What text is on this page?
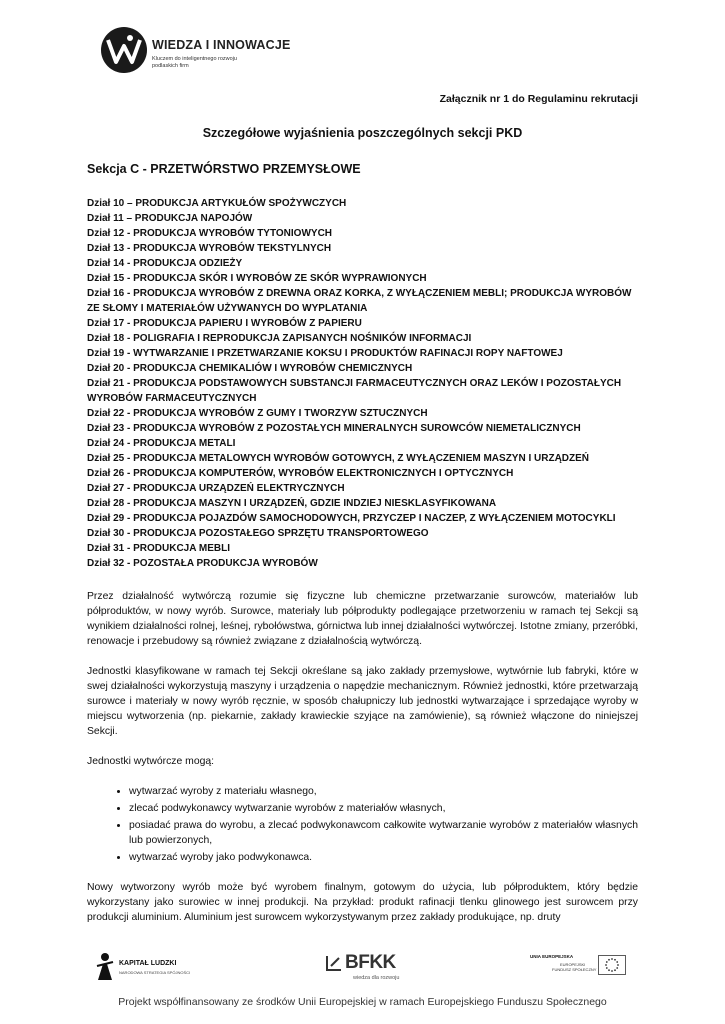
WIEDZA I INNOWACJE
Kluczem do inteligentnego rozwoju podlaskich firm
Załącznik nr 1 do Regulaminu rekrutacji
Szczegółowe wyjaśnienia poszczególnych sekcji PKD
Sekcja C - PRZETWÓRSTWO PRZEMYSŁOWE
Dział 10 – PRODUKCJA ARTYKUŁÓW SPOŻYWCZYCH
Dział 11 – PRODUKCJA NAPOJÓW
Dział 12 - PRODUKCJA WYROBÓW TYTONIOWYCH
Dział 13 - PRODUKCJA WYROBÓW TEKSTYLNYCH
Dział 14 - PRODUKCJA ODZIEŻY
Dział 15 - PRODUKCJA SKÓR I WYROBÓW ZE SKÓR WYPRAWIONYCH
Dział 16 - PRODUKCJA WYROBÓW Z DREWNA ORAZ KORKA, Z WYŁĄCZENIEM MEBLI; PRODUKCJA WYROBÓW ZE SŁOMY I MATERIAŁÓW UŻYWANYCH DO WYPLATANIA
Dział 17 - PRODUKCJA PAPIERU I WYROBÓW Z PAPIERU
Dział 18 - POLIGRAFIA I REPRODUKCJA ZAPISANYCH NOŚNIKÓW INFORMACJI
Dział 19 - WYTWARZANIE I PRZETWARZANIE KOKSU I PRODUKTÓW RAFINACJI ROPY NAFTOWEJ
Dział 20 - PRODUKCJA CHEMIKALIÓW I WYROBÓW CHEMICZNYCH
Dział 21 - PRODUKCJA PODSTAWOWYCH SUBSTANCJI FARMACEUTYCZNYCH ORAZ LEKÓW I POZOSTAŁYCH WYROBÓW FARMACEUTYCZNYCH
Dział 22 - PRODUKCJA WYROBÓW Z GUMY I TWORZYW SZTUCZNYCH
Dział 23 - PRODUKCJA WYROBÓW Z POZOSTAŁYCH MINERALNYCH SUROWCÓW NIEMETALICZNYCH
Dział 24 - PRODUKCJA METALI
Dział 25 - PRODUKCJA METALOWYCH WYROBÓW GOTOWYCH, Z WYŁĄCZENIEM MASZYN I URZĄDZEŃ
Dział 26 - PRODUKCJA KOMPUTERÓW, WYROBÓW ELEKTRONICZNYCH I OPTYCZNYCH
Dział 27 - PRODUKCJA URZĄDZEŃ ELEKTRYCZNYCH
Dział 28 - PRODUKCJA MASZYN I URZĄDZEŃ, GDZIE INDZIEJ NIESKLASYFIKOWANA
Dział 29 - PRODUKCJA POJAZDÓW SAMOCHODOWYCH, PRZYCZEP I NACZEP, Z WYŁĄCZENIEM MOTOCYKLI
Dział 30 - PRODUKCJA POZOSTAŁEGO SPRZĘTU TRANSPORTOWEGO
Dział 31 - PRODUKCJA MEBLI
Dział 32 - POZOSTAŁA PRODUKCJA WYROBÓW

Przez działalność wytwórczą rozumie się fizyczne lub chemiczne przetwarzanie surowców, materiałów lub półproduktów, w nowy wyrób. Surowce, materiały lub półprodukty podlegające przetworzeniu w ramach tej Sekcji są wynikiem działalności rolnej, leśnej, rybołówstwa, górnictwa lub innej działalności wytwórczej. Istotne zmiany, przeróbki, renowacje i przebudowy są również związane z działalnością wytwórczą.

Jednostki klasyfikowane w ramach tej Sekcji określane są jako zakłady przemysłowe, wytwórnie lub fabryki, które w swej działalności wykorzystują maszyny i urządzenia o napędzie mechanicznym. Również jednostki, które przetwarzają surowce i materiały w nowy wyrób ręcznie, w sposób chałupniczy lub jednostki wytwarzające i sprzedające wyroby w miejscu wytworzenia (np. piekarnie, zakłady krawieckie szyjące na zamówienie), są również włączone do niniejszej Sekcji.

Jednostki wytwórcze mogą:

• wytwarzać wyroby z materiału własnego,
• zlecać podwykonawcy wytwarzanie wyrobów z materiałów własnych,
• posiadać prawa do wyrobu, a zlecać podwykonawcom całkowite wytwarzanie wyrobów z materiałów własnych lub powierzonych,
• wytwarzać wyroby jako podwykonawca.

Nowy wytworzony wyrób może być wyrobem finalnym, gotowym do użycia, lub półproduktem, który będzie wykorzystany jako surowiec w innej produkcji. Na przykład: produkt rafinacji tlenku glinowego jest surowcem przy produkcji aluminium. Aluminium jest surowcem wykorzystywanym przez zakłady produkujące, np. druty

KAPITAŁ LUDZKI
NARODOWA STRATEGIA SPÓJNOŚCI	BFKK
wiedza dla rozwoju
UNIA EUROPEJSKA
EUROPEJSKI
FUNDUSZ SPOŁECZNY
Projekt współfinansowany ze środków Unii Europejskiej w ramach Europejskiego Funduszu Społecznego
